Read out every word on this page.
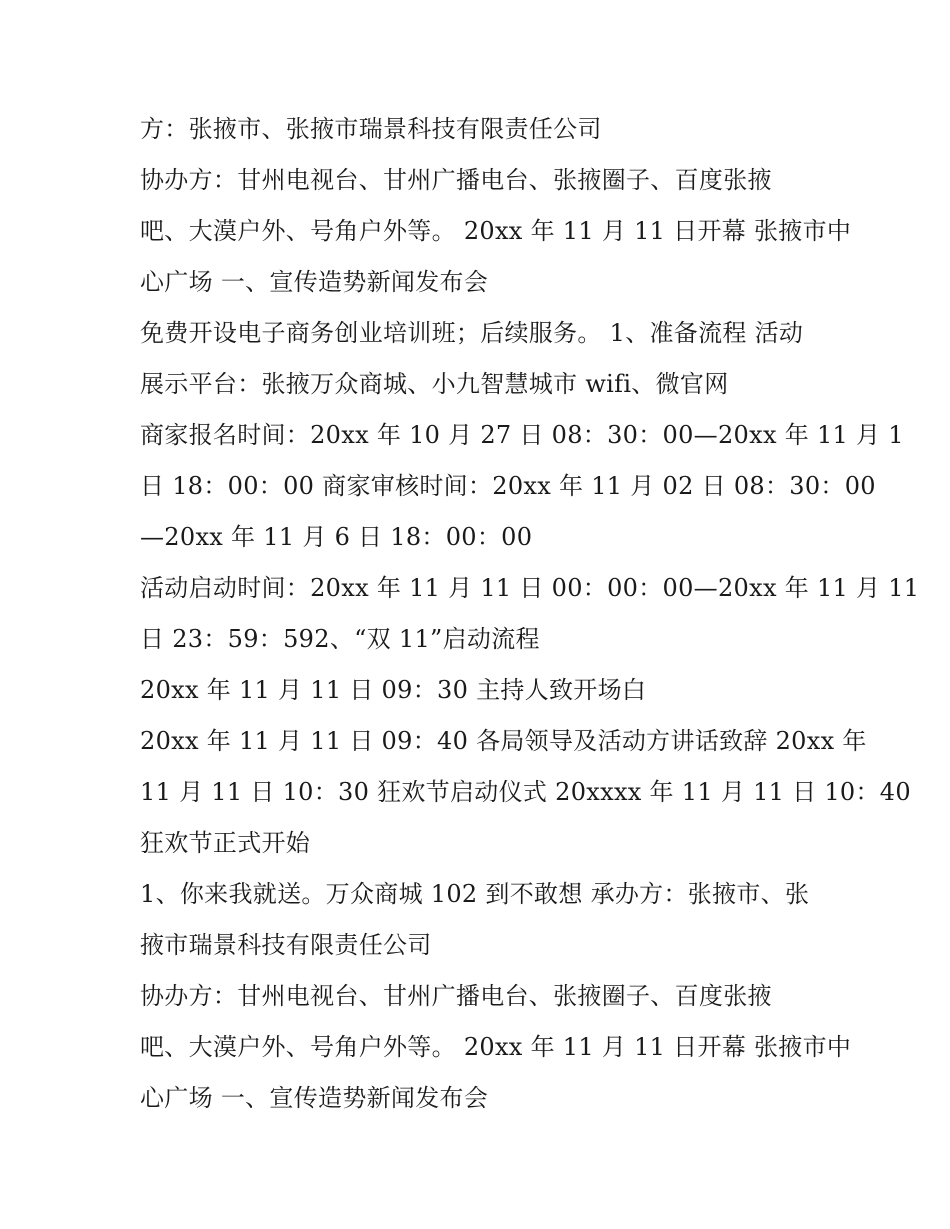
方：张掖市、张掖市瑞景科技有限责任公司
协办方：甘州电视台、甘州广播电台、张掖圈子、百度张掖
吧、大漠户外、号角户外等。 20xx 年 11 月 11 日开幕 张掖市中
心广场 一、宣传造势新闻发布会
免费开设电子商务创业培训班；后续服务。 1、准备流程 活动
展示平台：张掖万众商城、小九智慧城市 wifi、微官网
商家报名时间：20xx 年 10 月 27 日 08：30：00—20xx 年 11 月 1
日 18：00：00 商家审核时间：20xx 年 11 月 02 日 08：30：00
—20xx 年 11 月 6 日 18：00：00
活动启动时间：20xx 年 11 月 11 日 00：00：00—20xx 年 11 月 11
日 23：59：592、“双 11”启动流程
20xx 年 11 月 11 日 09：30 主持人致开场白
20xx 年 11 月 11 日 09：40 各局领导及活动方讲话致辞 20xx 年
11 月 11 日 10：30 狂欢节启动仪式 20xxxx 年 11 月 11 日 10：40
狂欢节正式开始
1、你来我就送。万众商城 102 到不敢想 承办方：张掖市、张
掖市瑞景科技有限责任公司
协办方：甘州电视台、甘州广播电台、张掖圈子、百度张掖
吧、大漠户外、号角户外等。 20xx 年 11 月 11 日开幕 张掖市中
心广场 一、宣传造势新闻发布会
